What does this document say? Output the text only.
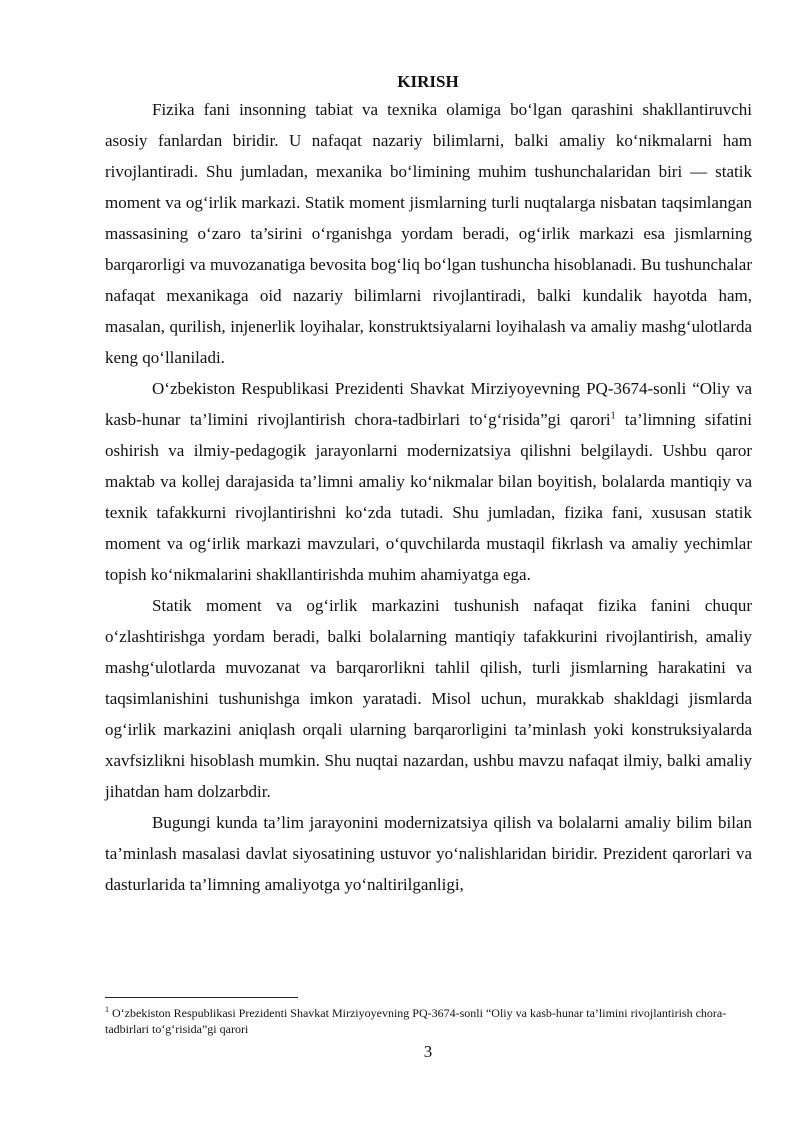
KIRISH

Fizika fani insonning tabiat va texnika olamiga bo‘lgan qarashini shakllantiruvchi asosiy fanlardan biridir. U nafaqat nazariy bilimlarni, balki amaliy ko‘nikmalarni ham rivojlantiradi. Shu jumladan, mexanika bo‘limining muhim tushunchalaridan biri — statik moment va og‘irlik markazi. Statik moment jismlarning turli nuqtalarga nisbatan taqsimlangan massasining o‘zaro ta’sirini o‘rganishga yordam beradi, og‘irlik markazi esa jismlarning barqarorligi va muvozanatiga bevosita bog‘liq bo‘lgan tushuncha hisoblanadi. Bu tushunchalar nafaqat mexanikaga oid nazariy bilimlarni rivojlantiradi, balki kundalik hayotda ham, masalan, qurilish, injenerlik loyihalar, konstruktsiyalarni loyihalash va amaliy mashg‘ulotlarda keng qo‘llaniladi.

O‘zbekiston Respublikasi Prezidenti Shavkat Mirziyoyevning PQ-3674-sonli “Oliy va kasb-hunar ta’limini rivojlantirish chora-tadbirlari to‘g‘risida”gi qarori$^1$ ta’limning sifatini oshirish va ilmiy-pedagogik jarayonlarni modernizatsiya qilishni belgilaydi. Ushbu qaror maktab va kollej darajasida ta’limni amaliy ko‘nikmalar bilan boyitish, bolalarda mantiqiy va texnik tafakkurni rivojlantirishni ko‘zda tutadi. Shu jumladan, fizika fani, xususan statik moment va og‘irlik markazi mavzulari, o‘quvchilarda mustaqil fikrlash va amaliy yechimlar topish ko‘nikmalarini shakllantirishda muhim ahamiyatga ega.

Statik moment va og‘irlik markazini tushunish nafaqat fizika fanini chuqur o‘zlashtirishga yordam beradi, balki bolalarning mantiqiy tafakkurini rivojlantirish, amaliy mashg‘ulotlarda muvozanat va barqarorlikni tahlil qilish, turli jismlarning harakatini va taqsimlanishini tushunishga imkon yaratadi. Misol uchun, murakkab shakldagi jismlarda og‘irlik markazini aniqlash orqali ularning barqarorligini ta’minlash yoki konstruksiyalarda xavfsizlikni hisoblash mumkin. Shu nuqtai nazardan, ushbu mavzu nafaqat ilmiy, balki amaliy jihatdan ham dolzarbdir.

Bugungi kunda ta’lim jarayonini modernizatsiya qilish va bolalarni amaliy bilim bilan ta’minlash masalasi davlat siyosatining ustuvor yo‘nalishlaridan biridir. Prezident qarorlari va dasturlarida ta’limning amaliyotga yo‘naltirilganligi,

$^1$ O‘zbekiston Respublikasi Prezidenti Shavkat Mirziyoyevning PQ-3674-sonli “Oliy va kasb-hunar ta’limini rivojlantirish chora-tadbirlari to‘g‘risida”gi qarori
3
